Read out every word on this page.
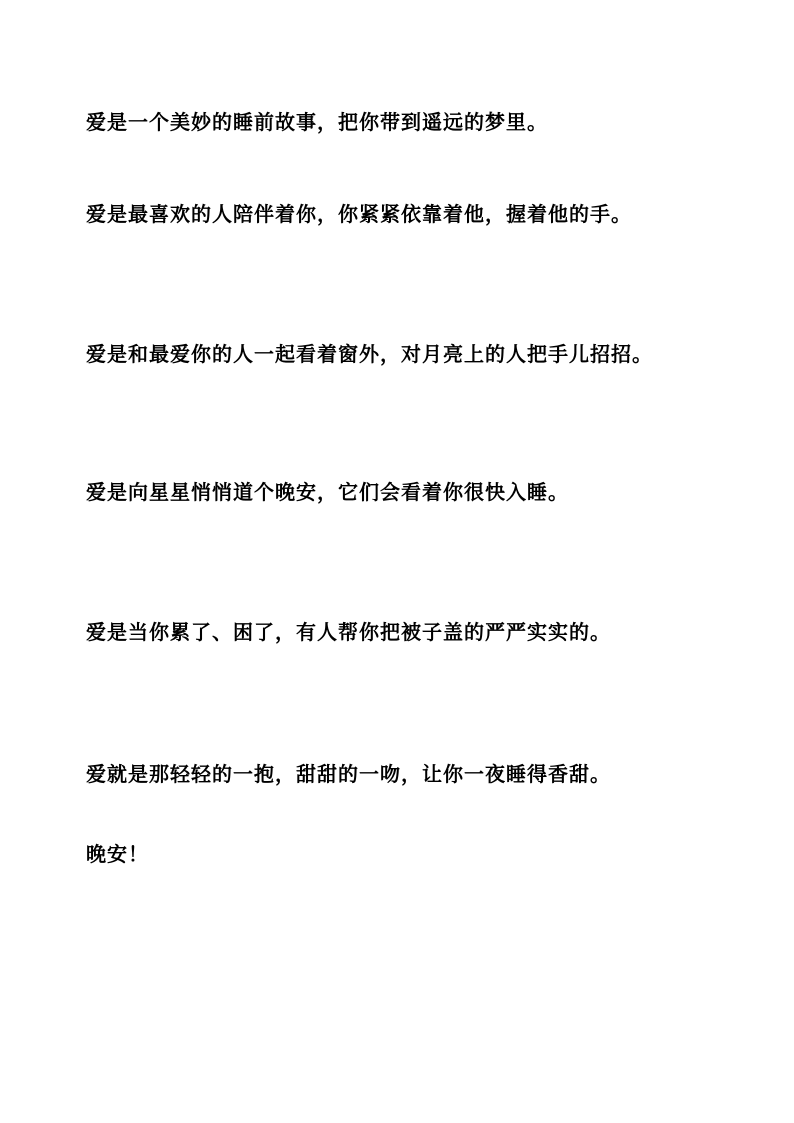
爱是一个美妙的睡前故事，把你带到遥远的梦里。

爱是最喜欢的人陪伴着你，你紧紧依靠着他，握着他的手。

爱是和最爱你的人一起看着窗外，对月亮上的人把手儿招招。

爱是向星星悄悄道个晚安，它们会看着你很快入睡。

爱是当你累了、困了，有人帮你把被子盖的严严实实的。

爱就是那轻轻的一抱，甜甜的一吻，让你一夜睡得香甜。

晚安！
